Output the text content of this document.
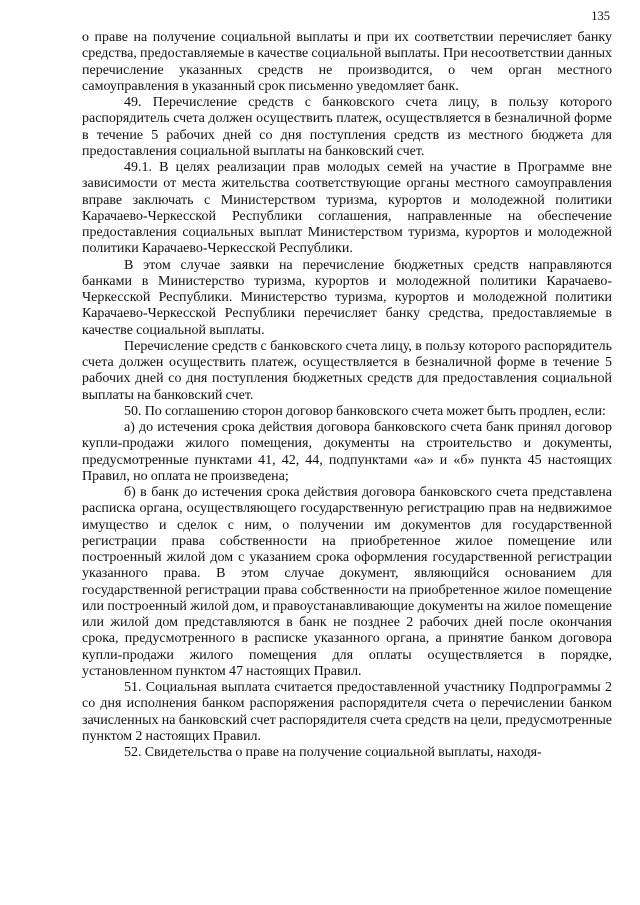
135

о праве на получение социальной выплаты и при их соответствии перечисляет банку средства, предоставляемые в качестве социальной выплаты. При несоответствии данных перечисление указанных средств не производится, о чем орган местного самоуправления в указанный срок письменно уведомляет банк.

49. Перечисление средств с банковского счета лицу, в пользу которого распорядитель счета должен осуществить платеж, осуществляется в безналичной форме в течение 5 рабочих дней со дня поступления средств из местного бюджета для предоставления социальной выплаты на банковский счет.

49.1. В целях реализации прав молодых семей на участие в Программе вне зависимости от места жительства соответствующие органы местного самоуправления вправе заключать с Министерством туризма, курортов и молодежной политики Карачаево-Черкесской Республики соглашения, направленные на обеспечение предоставления социальных выплат Министерством туризма, курортов и молодежной политики Карачаево-Черкесской Республики.

В этом случае заявки на перечисление бюджетных средств направляются банками в Министерство туризма, курортов и молодежной политики Карачаево-Черкесской Республики. Министерство туризма, курортов и молодежной политики Карачаево-Черкесской Республики перечисляет банку средства, предоставляемые в качестве социальной выплаты.

Перечисление средств с банковского счета лицу, в пользу которого распорядитель счета должен осуществить платеж, осуществляется в безналичной форме в течение 5 рабочих дней со дня поступления бюджетных средств для предоставления социальной выплаты на банковский счет.

50. По соглашению сторон договор банковского счета может быть продлен, если:

а) до истечения срока действия договора банковского счета банк принял договор купли-продажи жилого помещения, документы на строительство и документы, предусмотренные пунктами 41, 42, 44, подпунктами «а» и «б» пункта 45 настоящих Правил, но оплата не произведена;

б) в банк до истечения срока действия договора банковского счета представлена расписка органа, осуществляющего государственную регистрацию прав на недвижимое имущество и сделок с ним, о получении им документов для государственной регистрации права собственности на приобретенное жилое помещение или построенный жилой дом с указанием срока оформления государственной регистрации указанного права. В этом случае документ, являющийся основанием для государственной регистрации права собственности на приобретенное жилое помещение или построенный жилой дом, и правоустанавливающие документы на жилое помещение или жилой дом представляются в банк не позднее 2 рабочих дней после окончания срока, предусмотренного в расписке указанного органа, а принятие банком договора купли-продажи жилого помещения для оплаты осуществляется в порядке, установленном пунктом 47 настоящих Правил.

51. Социальная выплата считается предоставленной участнику Подпрограммы 2 со дня исполнения банком распоряжения распорядителя счета о перечислении банком зачисленных на банковский счет распорядителя счета средств на цели, предусмотренные пунктом 2 настоящих Правил.

52. Свидетельства о праве на получение социальной выплаты, находя-
